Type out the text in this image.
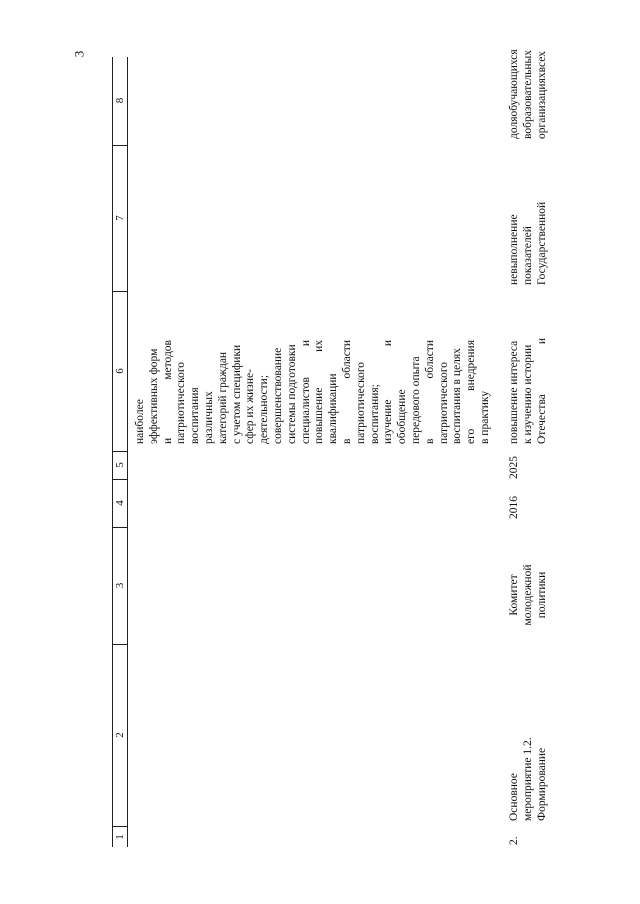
3
1
2
3
4
5
6
7
8
наиболее эффективных форм и
методов
патриотического воспитания различных категорий граждан с учетом специфики сфер их жизне- деятельности; совершенствование системы подготовки специалистов
и
повышение
их
квалификации в
области
патриотического воспитания; изучение
и
обобщение передового опыта в
области
патриотического воспитания в целях его
внедрения
в практику
2.
Основное мероприятие 1.2. Формирование
Комитет молодежной политики
2016
2025
повышение интереса к изучению истории Отечества
и
невыполнение показателей Государственной
доля
обучающихся
в
образовательных организациях
всех
